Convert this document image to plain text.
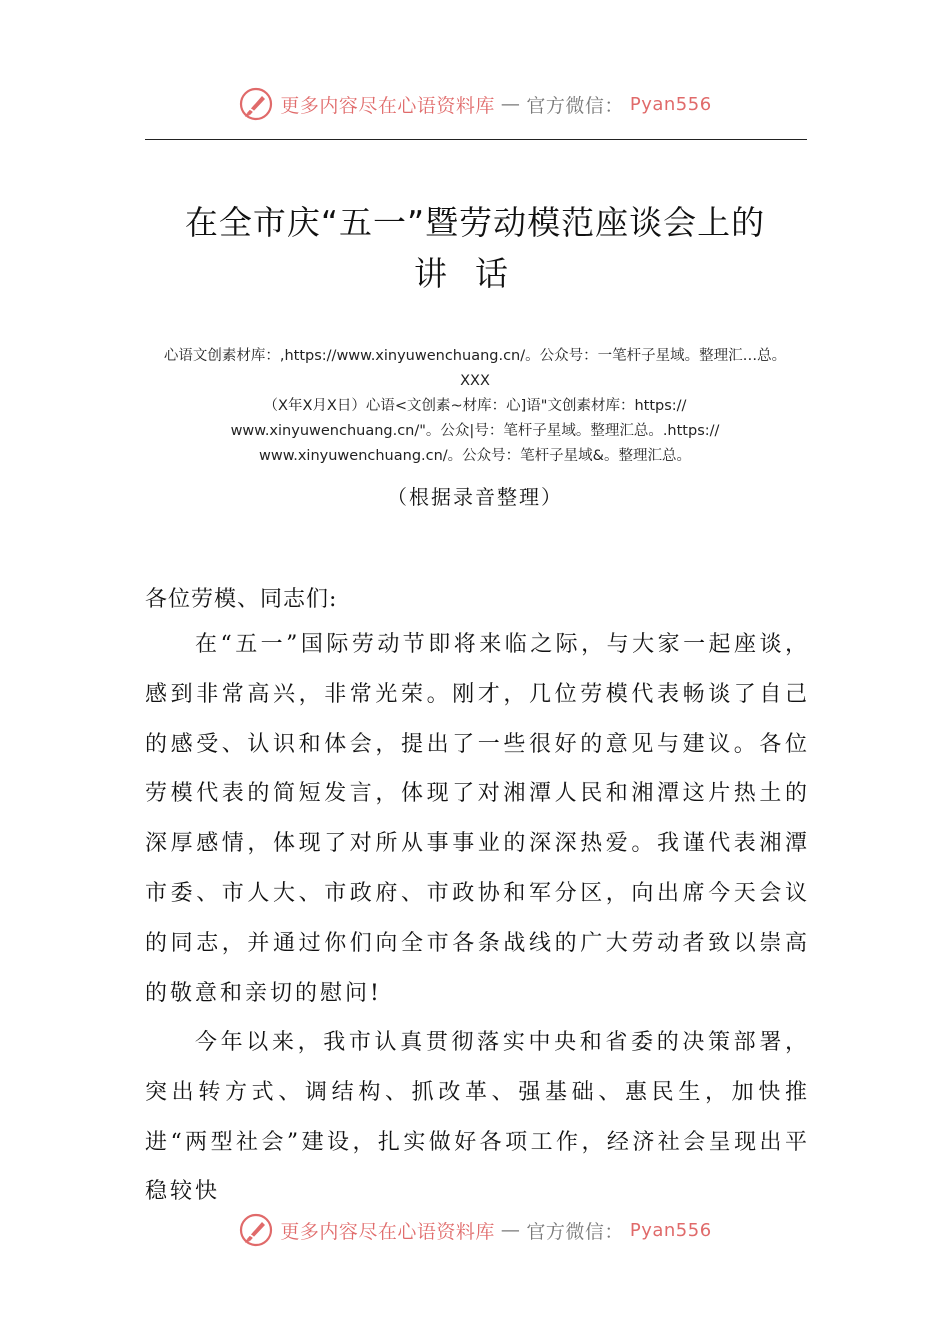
更多内容尽在心语资料库 — 官方微信： Pyan556
在全市庆“五一”暨劳动模范座谈会上的
讲话

心语文创素材库：,https://www.xinyuwenchuang.cn/。公众号：一笔杆子星域。整理汇…总。

XXX

（X年X月X日）心语<文创素~材库：心]语"文创素材库：https://

www.xinyuwenchuang.cn/"。公众|号：笔杆子星域。整理汇总。.https://

www.xinyuwenchuang.cn/。公众号：笔杆子星域&。整理汇总。

（根据录音整理）
各位劳模、同志们:

在“五一”国际劳动节即将来临之际，与大家一起座谈，感到非常高兴，非常光荣。刚才，几位劳模代表畅谈了自己的感受、认识和体会，提出了一些很好的意见与建议。各位劳模代表的简短发言，体现了对湘潭人民和湘潭这片热土的深厚感情，体现了对所从事事业的深深热爱。我谨代表湘潭市委、市人大、市政府、市政协和军分区，向出席今天会议的同志，并通过你们向全市各条战线的广大劳动者致以崇高的敬意和亲切的慰问!

今年以来，我市认真贯彻落实中央和省委的决策部署，突出转方式、调结构、抓改革、强基础、惠民生，加快推进“两型社会”建设，扎实做好各项工作，经济社会呈现出平稳较快

更多内容尽在心语资料库 — 官方微信： Pyan556
